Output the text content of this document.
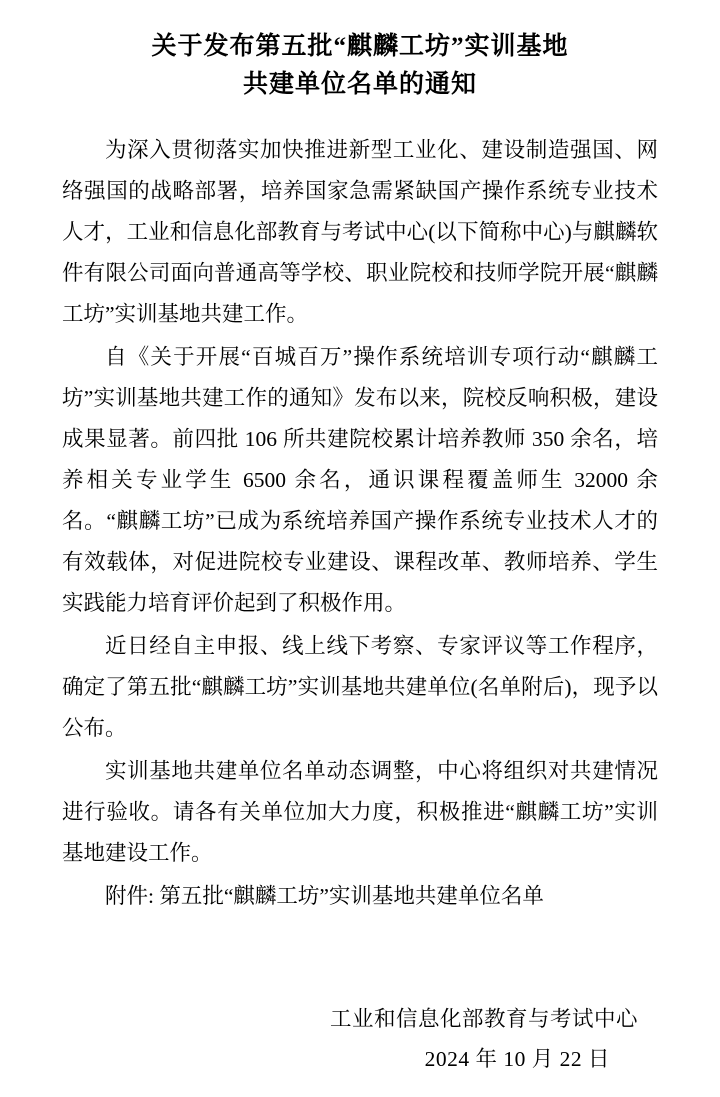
关于发布第五批“麒麟工坊”实训基地
共建单位名单的通知

为深入贯彻落实加快推进新型工业化、建设制造强国、网络强国的战略部署，培养国家急需紧缺国产操作系统专业技术人才，工业和信息化部教育与考试中心(以下简称中心)与麒麟软件有限公司面向普通高等学校、职业院校和技师学院开展“麒麟工坊”实训基地共建工作。

自《关于开展“百城百万”操作系统培训专项行动“麒麟工坊”实训基地共建工作的通知》发布以来，院校反响积极，建设成果显著。前四批 106 所共建院校累计培养教师 350 余名，培养相关专业学生 6500 余名，通识课程覆盖师生 32000 余名。“麒麟工坊”已成为系统培养国产操作系统专业技术人才的有效载体，对促进院校专业建设、课程改革、教师培养、学生实践能力培育评价起到了积极作用。

近日经自主申报、线上线下考察、专家评议等工作程序，确定了第五批“麒麟工坊”实训基地共建单位(名单附后)，现予以公布。

实训基地共建单位名单动态调整，中心将组织对共建情况进行验收。请各有关单位加大力度，积极推进“麒麟工坊”实训基地建设工作。

附件: 第五批“麒麟工坊”实训基地共建单位名单

工业和信息化部教育与考试中心
2024 年 10 月 22 日
